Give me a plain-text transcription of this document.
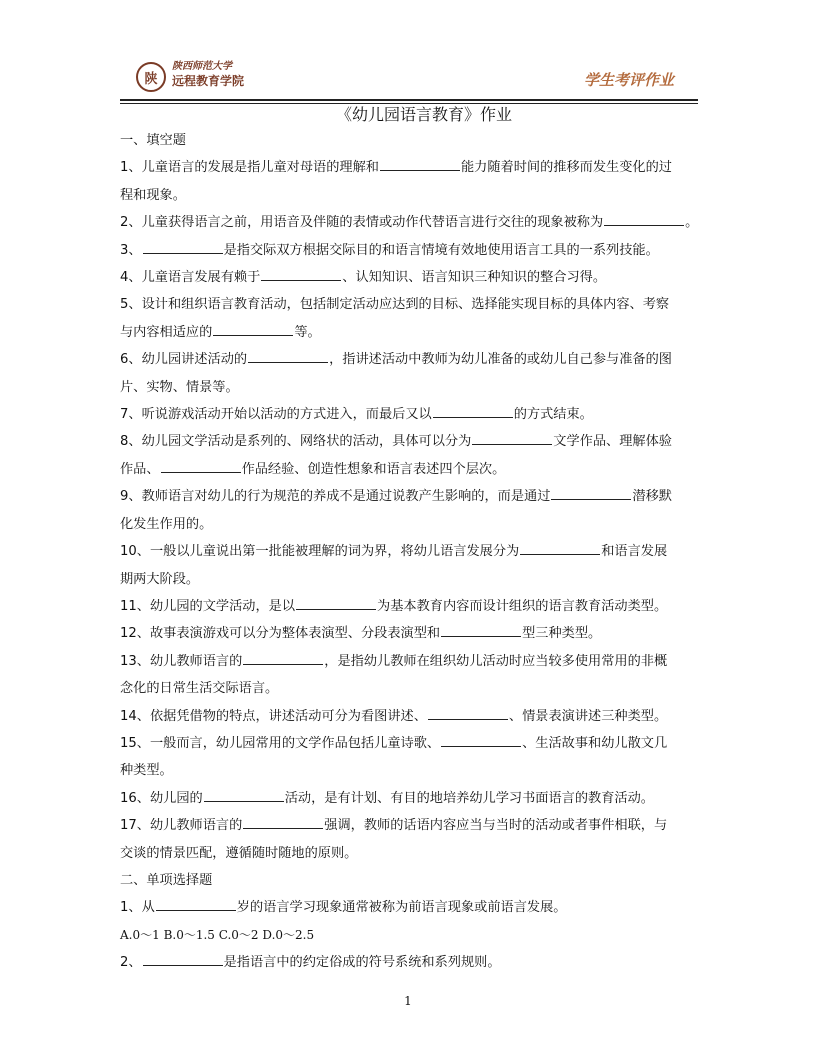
陕
陕西师范大学
远程教育学院	学生考评作业
《幼儿园语言教育》作业
一、填空题
1、儿童语言的发展是指儿童对母语的理解和	能力随着时间的推移而发生变化的过
程和现象。
2、儿童获得语言之前，用语音及伴随的表情或动作代替语言进行交往的现象被称为	。
3、	是指交际双方根据交际目的和语言情境有效地使用语言工具的一系列技能。
4、儿童语言发展有赖于	、认知知识、语言知识三种知识的整合习得。
5、设计和组织语言教育活动，包括制定活动应达到的目标、选择能实现目标的具体内容、考察
与内容相适应的	等。
6、幼儿园讲述活动的	，指讲述活动中教师为幼儿准备的或幼儿自己参与准备的图
片、实物、情景等。
7、听说游戏活动开始以活动的方式进入，而最后又以	的方式结束。
8、幼儿园文学活动是系列的、网络状的活动，具体可以分为	文学作品、理解体验
作品、	作品经验、创造性想象和语言表述四个层次。
9、教师语言对幼儿的行为规范的养成不是通过说教产生影响的，而是通过	潜移默
化发生作用的。
10、一般以儿童说出第一批能被理解的词为界，将幼儿语言发展分为	和语言发展
期两大阶段。
11、幼儿园的文学活动，是以	为基本教育内容而设计组织的语言教育活动类型。
12、故事表演游戏可以分为整体表演型、分段表演型和	型三种类型。
13、幼儿教师语言的	，是指幼儿教师在组织幼儿活动时应当较多使用常用的非概
念化的日常生活交际语言。
14、依据凭借物的特点，讲述活动可分为看图讲述、	、情景表演讲述三种类型。
15、一般而言，幼儿园常用的文学作品包括儿童诗歌、	、生活故事和幼儿散文几
种类型。
16、幼儿园的	活动，是有计划、有目的地培养幼儿学习书面语言的教育活动。
17、幼儿教师语言的	强调，教师的话语内容应当与当时的活动或者事件相联，与
交谈的情景匹配，遵循随时随地的原则。
二、单项选择题
1、从	岁的语言学习现象通常被称为前语言现象或前语言发展。
A.0～1 B.0～1.5 C.0～2 D.0～2.5
2、	是指语言中的约定俗成的符号系统和系列规则。
1
